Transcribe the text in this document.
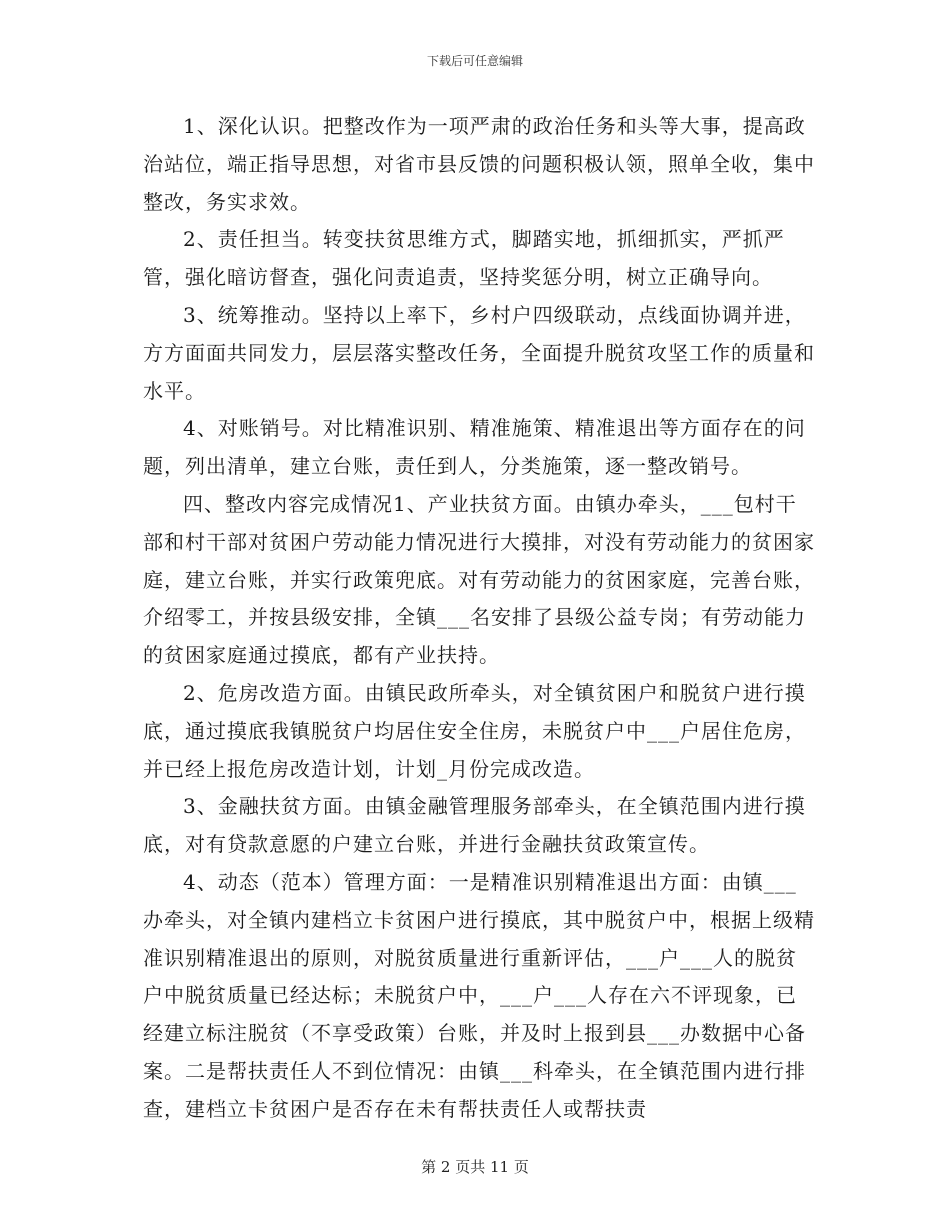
下载后可任意编辑

1、深化认识。把整改作为一项严肃的政治任务和头等大事，提高政治站位，端正指导思想，对省市县反馈的问题积极认领，照单全收，集中整改，务实求效。

2、责任担当。转变扶贫思维方式，脚踏实地，抓细抓实，严抓严管，强化暗访督查，强化问责追责，坚持奖惩分明，树立正确导向。

3、统筹推动。坚持以上率下，乡村户四级联动，点线面协调并进，方方面面共同发力，层层落实整改任务，全面提升脱贫攻坚工作的质量和水平。

4、对账销号。对比精准识别、精准施策、精准退出等方面存在的问题，列出清单，建立台账，责任到人，分类施策，逐一整改销号。

四、整改内容完成情况1、产业扶贫方面。由镇办牵头，___包村干部和村干部对贫困户劳动能力情况进行大摸排，对没有劳动能力的贫困家庭，建立台账，并实行政策兜底。对有劳动能力的贫困家庭，完善台账，介绍零工，并按县级安排，全镇___名安排了县级公益专岗；有劳动能力的贫困家庭通过摸底，都有产业扶持。

2、危房改造方面。由镇民政所牵头，对全镇贫困户和脱贫户进行摸底，通过摸底我镇脱贫户均居住安全住房，未脱贫户中___户居住危房，并已经上报危房改造计划，计划_月份完成改造。

3、金融扶贫方面。由镇金融管理服务部牵头，在全镇范围内进行摸底，对有贷款意愿的户建立台账，并进行金融扶贫政策宣传。

4、动态（范本）管理方面：一是精准识别精准退出方面：由镇___办牵头，对全镇内建档立卡贫困户进行摸底，其中脱贫户中，根据上级精准识别精准退出的原则，对脱贫质量进行重新评估，___户___人的脱贫户中脱贫质量已经达标；未脱贫户中，___户___人存在六不评现象，已经建立标注脱贫（不享受政策）台账，并及时上报到县___办数据中心备案。二是帮扶责任人不到位情况：由镇___科牵头，在全镇范围内进行排查，建档立卡贫困户是否存在未有帮扶责任人或帮扶责

第 2 页共 11 页
